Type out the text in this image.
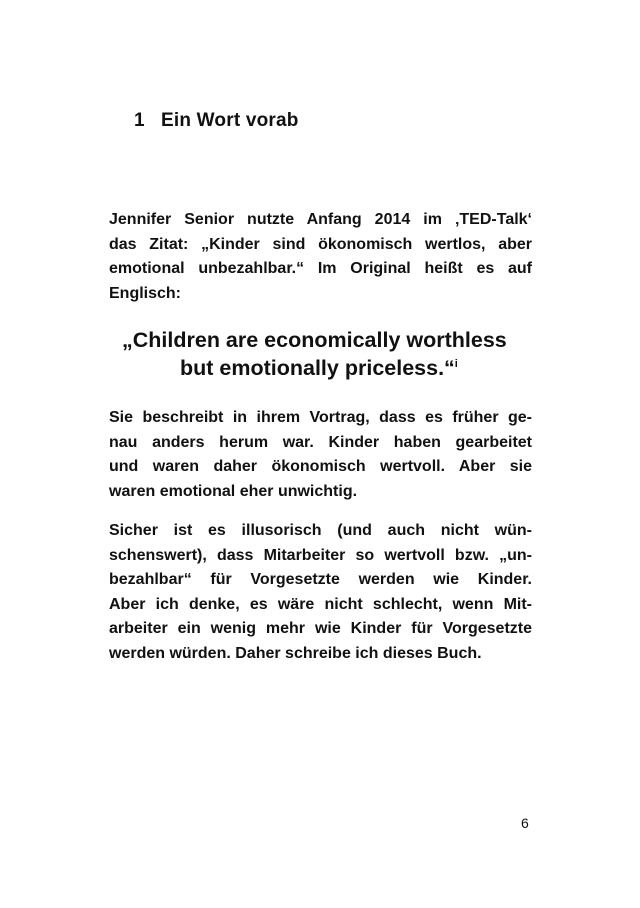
1 Ein Wort vorab
Jennifer Senior nutzte Anfang 2014 im ‚TED-Talk‘
das Zitat: „Kinder sind ökonomisch wertlos, aber
emotional unbezahlbar.“ Im Original heißt es auf
Englisch:
„Children are economically worthless
but emotionally priceless.“$^i$
Sie beschreibt in ihrem Vortrag, dass es früher ge-
nau anders herum war. Kinder haben gearbeitet
und waren daher ökonomisch wertvoll. Aber sie
waren emotional eher unwichtig.
Sicher ist es illusorisch (und auch nicht wün-
schenswert), dass Mitarbeiter so wertvoll bzw. „un-
bezahlbar“ für Vorgesetzte werden wie Kinder.
Aber ich denke, es wäre nicht schlecht, wenn Mit-
arbeiter ein wenig mehr wie Kinder für Vorgesetzte
werden würden. Daher schreibe ich dieses Buch.
6
